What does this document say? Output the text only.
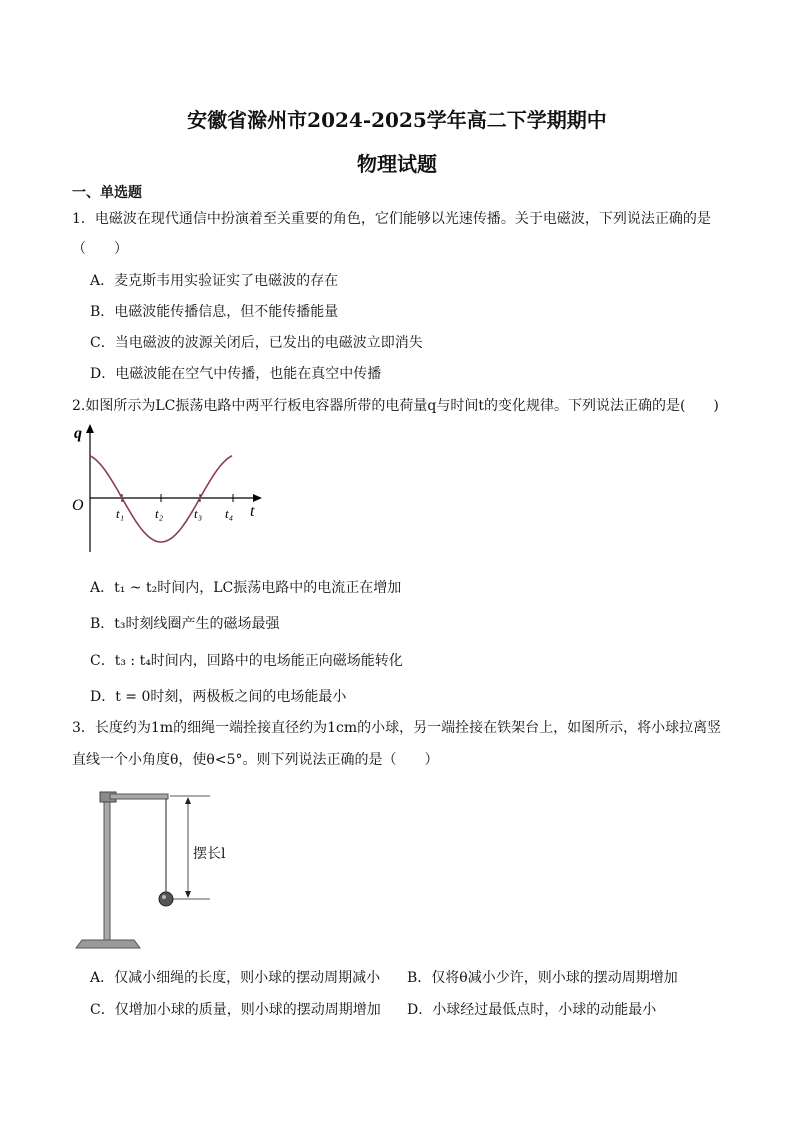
安徽省滁州市2024-2025学年高二下学期期中
物理试题
一、单选题
1．电磁波在现代通信中扮演着至关重要的角色，它们能够以光速传播。关于电磁波，下列说法正确的是
（　　）
A．麦克斯韦用实验证实了电磁波的存在
B．电磁波能传播信息，但不能传播能量
C．当电磁波的波源关闭后，已发出的电磁波立即消失
D．电磁波能在空气中传播，也能在真空中传播
2.如图所示为LC振荡电路中两平行板电容器所带的电荷量q与时间t的变化规律。下列说法正确的是(　　)
q
O	t
t₁ t₂ t₃ t₄
A．t₁ ~ t₂时间内，LC振荡电路中的电流正在增加
B．t₃时刻线圈产生的磁场最强
C．t₃ : t₄时间内，回路中的电场能正向磁场能转化
D．t = 0时刻，两极板之间的电场能最小
3．长度约为1m的细绳一端拴接直径约为1cm的小球，另一端拴接在铁架台上，如图所示，将小球拉离竖
直线一个小角度θ，使θ<5°。则下列说法正确的是（　　）
摆长l
A．仅减小细绳的长度，则小球的摆动周期减小 B．仅将θ减小少许，则小球的摆动周期增加
C．仅增加小球的质量，则小球的摆动周期增加 D．小球经过最低点时，小球的动能最小
